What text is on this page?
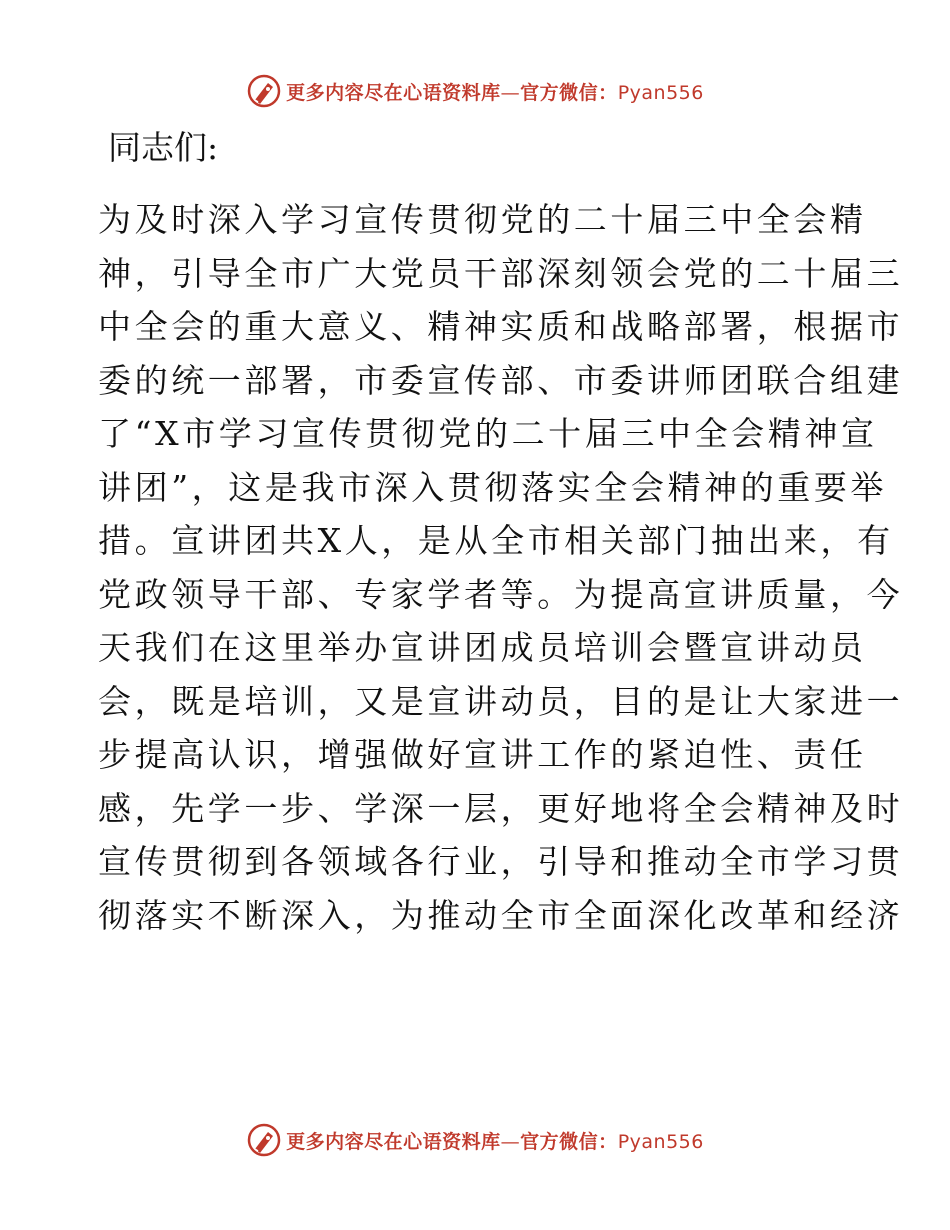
更多内容尽在心语资料库—官方微信：Pyan556
同志们:
为及时深入学习宣传贯彻党的二十届三中全会精
神，引导全市广大党员干部深刻领会党的二十届三
中全会的重大意义、精神实质和战略部署，根据市
委的统一部署，市委宣传部、市委讲师团联合组建
了“X市学习宣传贯彻党的二十届三中全会精神宣
讲团”，这是我市深入贯彻落实全会精神的重要举
措。宣讲团共X人，是从全市相关部门抽出来，有
党政领导干部、专家学者等。为提高宣讲质量，今
天我们在这里举办宣讲团成员培训会暨宣讲动员
会，既是培训，又是宣讲动员，目的是让大家进一
步提高认识，增强做好宣讲工作的紧迫性、责任
感，先学一步、学深一层，更好地将全会精神及时
宣传贯彻到各领域各行业，引导和推动全市学习贯
彻落实不断深入，为推动全市全面深化改革和经济
更多内容尽在心语资料库—官方微信：Pyan556
